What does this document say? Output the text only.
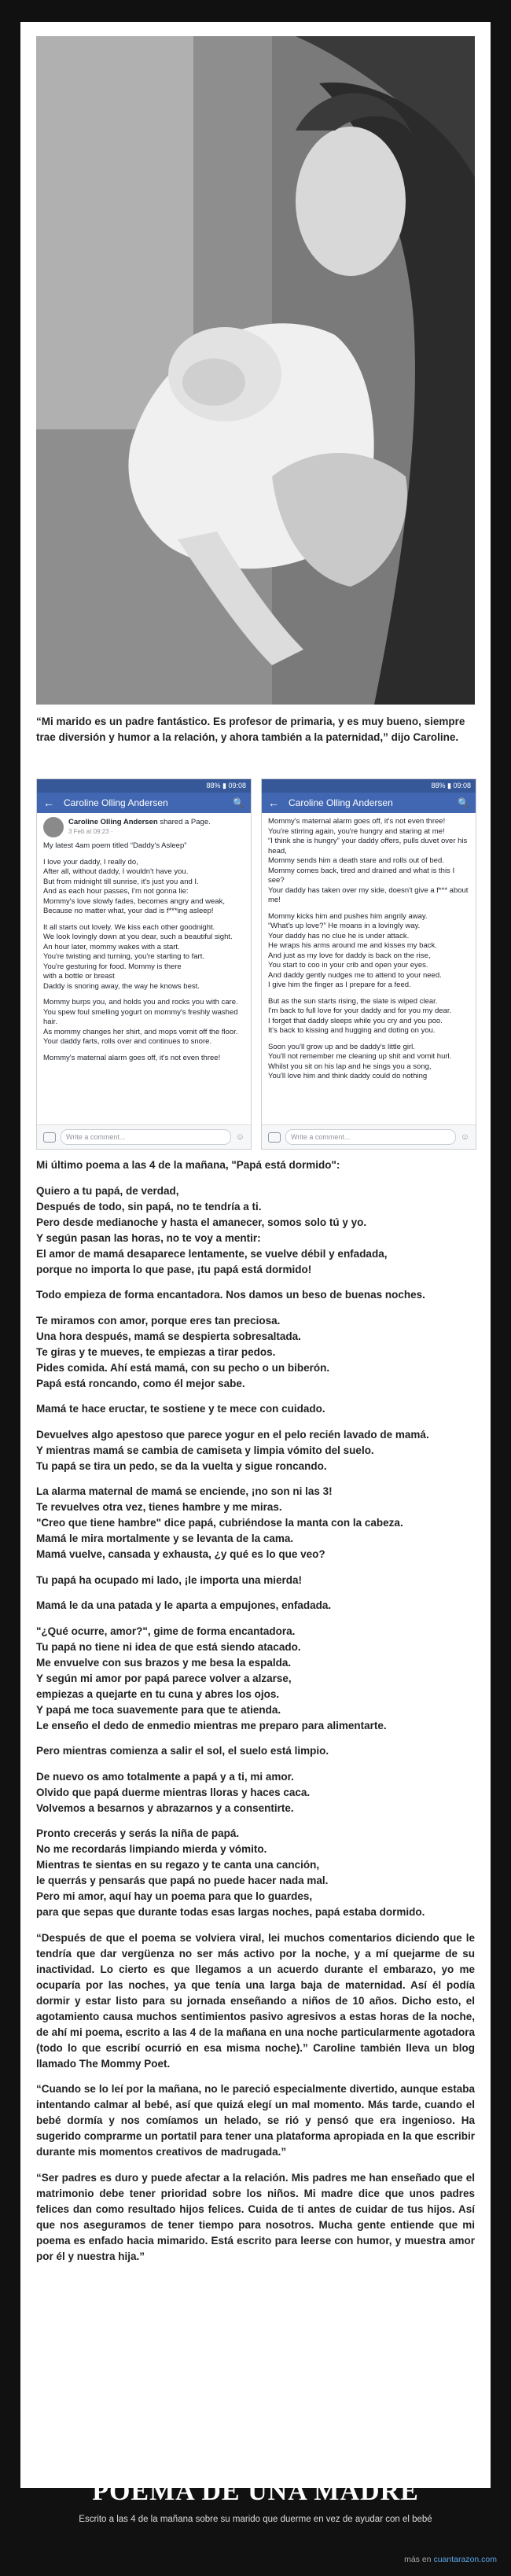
“Mi marido es un padre fantástico. Es profesor de primaria, y es muy bueno, siempre trae diversión y humor a la relación, y ahora también a la paternidad,” dijo Caroline.

88% ▮ 09:08
← Caroline Olling Andersen	🔍
Caroline Olling Andersen shared a Page.
3 Feb at 09:23 ·

My latest 4am poem titled “Daddy's Asleep”

I love your daddy, I really do,
After all, without daddy, I wouldn't have you.
But from midnight till sunrise, it's just you and I.
And as each hour passes, I'm not gonna lie:
Mommy's love slowly fades, becomes angry and weak,
Because no matter what, your dad is f***ing asleep!

It all starts out lovely. We kiss each other goodnight.
We look lovingly down at you dear, such a beautiful sight.
An hour later, mommy wakes with a start.
You're twisting and turning, you're starting to fart.
You're gesturing for food. Mommy is there
with a bottle or breast
Daddy is snoring away, the way he knows best.

Mommy burps you, and holds you and rocks you with care.
You spew foul smelling yogurt on mommy's freshly washed hair.
As mommy changes her shirt, and mops vomit off the floor.
Your daddy farts, rolls over and continues to snore.

Mommy's maternal alarm goes off, it's not even three!

Write a comment...	☺
88% ▮ 09:08
← Caroline Olling Andersen	🔍

Mommy's maternal alarm goes off, it's not even three!
You're stirring again, you're hungry and staring at me!
“I think she is hungry” your daddy offers, pulls duvet over his head,
Mommy sends him a death stare and rolls out of bed.
Mommy comes back, tired and drained and what is this I see?
Your daddy has taken over my side, doesn't give a f*** about me!

Mommy kicks him and pushes him angrily away.
“What's up love?” He moans in a lovingly way.
Your daddy has no clue he is under attack.
He wraps his arms around me and kisses my back.
And just as my love for daddy is back on the rise,
You start to coo in your crib and open your eyes.
And daddy gently nudges me to attend to your need.
I give him the finger as I prepare for a feed.

But as the sun starts rising, the slate is wiped clear.
I'm back to full love for your daddy and for you my dear.
I forget that daddy sleeps while you cry and you poo.
It's back to kissing and hugging and doting on you.

Soon you'll grow up and be daddy's little girl.
You'll not remember me cleaning up shit and vomit hurl.
Whilst you sit on his lap and he sings you a song,
You'll love him and think daddy could do nothing

Write a comment...	☺

Mi último poema a las 4 de la mañana, "Papá está dormido":

Quiero a tu papá, de verdad,
Después de todo, sin papá, no te tendría a ti.
Pero desde medianoche y hasta el amanecer, somos solo tú y yo.
Y según pasan las horas, no te voy a mentir:
El amor de mamá desaparece lentamente, se vuelve débil y enfadada,
porque no importa lo que pase, ¡tu papá está dormido!

Todo empieza de forma encantadora. Nos damos un beso de buenas noches.

Te miramos con amor, porque eres tan preciosa.
Una hora después, mamá se despierta sobresaltada.
Te giras y te mueves, te empiezas a tirar pedos.
Pides comida. Ahí está mamá, con su pecho o un biberón.
Papá está roncando, como él mejor sabe.

Mamá te hace eructar, te sostiene y te mece con cuidado.

Devuelves algo apestoso que parece yogur en el pelo recién lavado de mamá.
Y mientras mamá se cambia de camiseta y limpia vómito del suelo.
Tu papá se tira un pedo, se da la vuelta y sigue roncando.

La alarma maternal de mamá se enciende, ¡no son ni las 3!
Te revuelves otra vez, tienes hambre y me miras.
"Creo que tiene hambre" dice papá, cubriéndose la manta con la cabeza.
Mamá le mira mortalmente y se levanta de la cama.
Mamá vuelve, cansada y exhausta, ¿y qué es lo que veo?

Tu papá ha ocupado mi lado, ¡le importa una mierda!

Mamá le da una patada y le aparta a empujones, enfadada.

"¿Qué ocurre, amor?", gime de forma encantadora.
Tu papá no tiene ni idea de que está siendo atacado.
Me envuelve con sus brazos y me besa la espalda.
Y según mi amor por papá parece volver a alzarse,
empiezas a quejarte en tu cuna y abres los ojos.
Y papá me toca suavemente para que te atienda.
Le enseño el dedo de enmedio mientras me preparo para alimentarte.

Pero mientras comienza a salir el sol, el suelo está limpio.

De nuevo os amo totalmente a papá y a ti, mi amor.
Olvido que papá duerme mientras lloras y haces caca.
Volvemos a besarnos y abrazarnos y a consentirte.

Pronto crecerás y serás la niña de papá.
No me recordarás limpiando mierda y vómito.
Mientras te sientas en su regazo y te canta una canción,
le querrás y pensarás que papá no puede hacer nada mal.
Pero mi amor, aquí hay un poema para que lo guardes,
para que sepas que durante todas esas largas noches, papá estaba dormido.

“Después de que el poema se volviera viral, lei muchos comentarios diciendo que le tendría que dar vergüenza no ser más activo por la noche, y a mí quejarme de su inactividad. Lo cierto es que llegamos a un acuerdo durante el embarazo, yo me ocuparía por las noches, ya que tenía una larga baja de maternidad. Así él podía dormir y estar listo para su jornada enseñando a niños de 10 años. Dicho esto, el agotamiento causa muchos sentimientos pasivo agresivos a estas horas de la noche, de ahí mi poema, escrito a las 4 de la mañana en una noche particularmente agotadora (todo lo que escribí ocurrió en esa misma noche).” Caroline también lleva un blog llamado The Mommy Poet.

“Cuando se lo leí por la mañana, no le pareció especialmente divertido, aunque estaba intentando calmar al bebé, así que quizá elegí un mal momento. Más tarde, cuando el bebé dormía y nos comíamos un helado, se rió y pensó que era ingenioso. Ha sugerido comprarme un portatil para tener una plataforma apropiada en la que escribir durante mis momentos creativos de madrugada.”

“Ser padres es duro y puede afectar a la relación. Mis padres me han enseñado que el matrimonio debe tener prioridad sobre los niños. Mi madre dice que unos padres felices dan como resultado hijos felices. Cuida de ti antes de cuidar de tus hijos. Así que nos aseguramos de tener tiempo para nosotros. Mucha gente entiende que mi poema es enfado hacia mimarido. Está escrito para leerse con humor, y muestra amor por él y nuestra hija.”

POEMA DE UNA MADRE

Escrito a las 4 de la mañana sobre su marido que duerme en vez de ayudar con el bebé

más en cuantarazon.com
